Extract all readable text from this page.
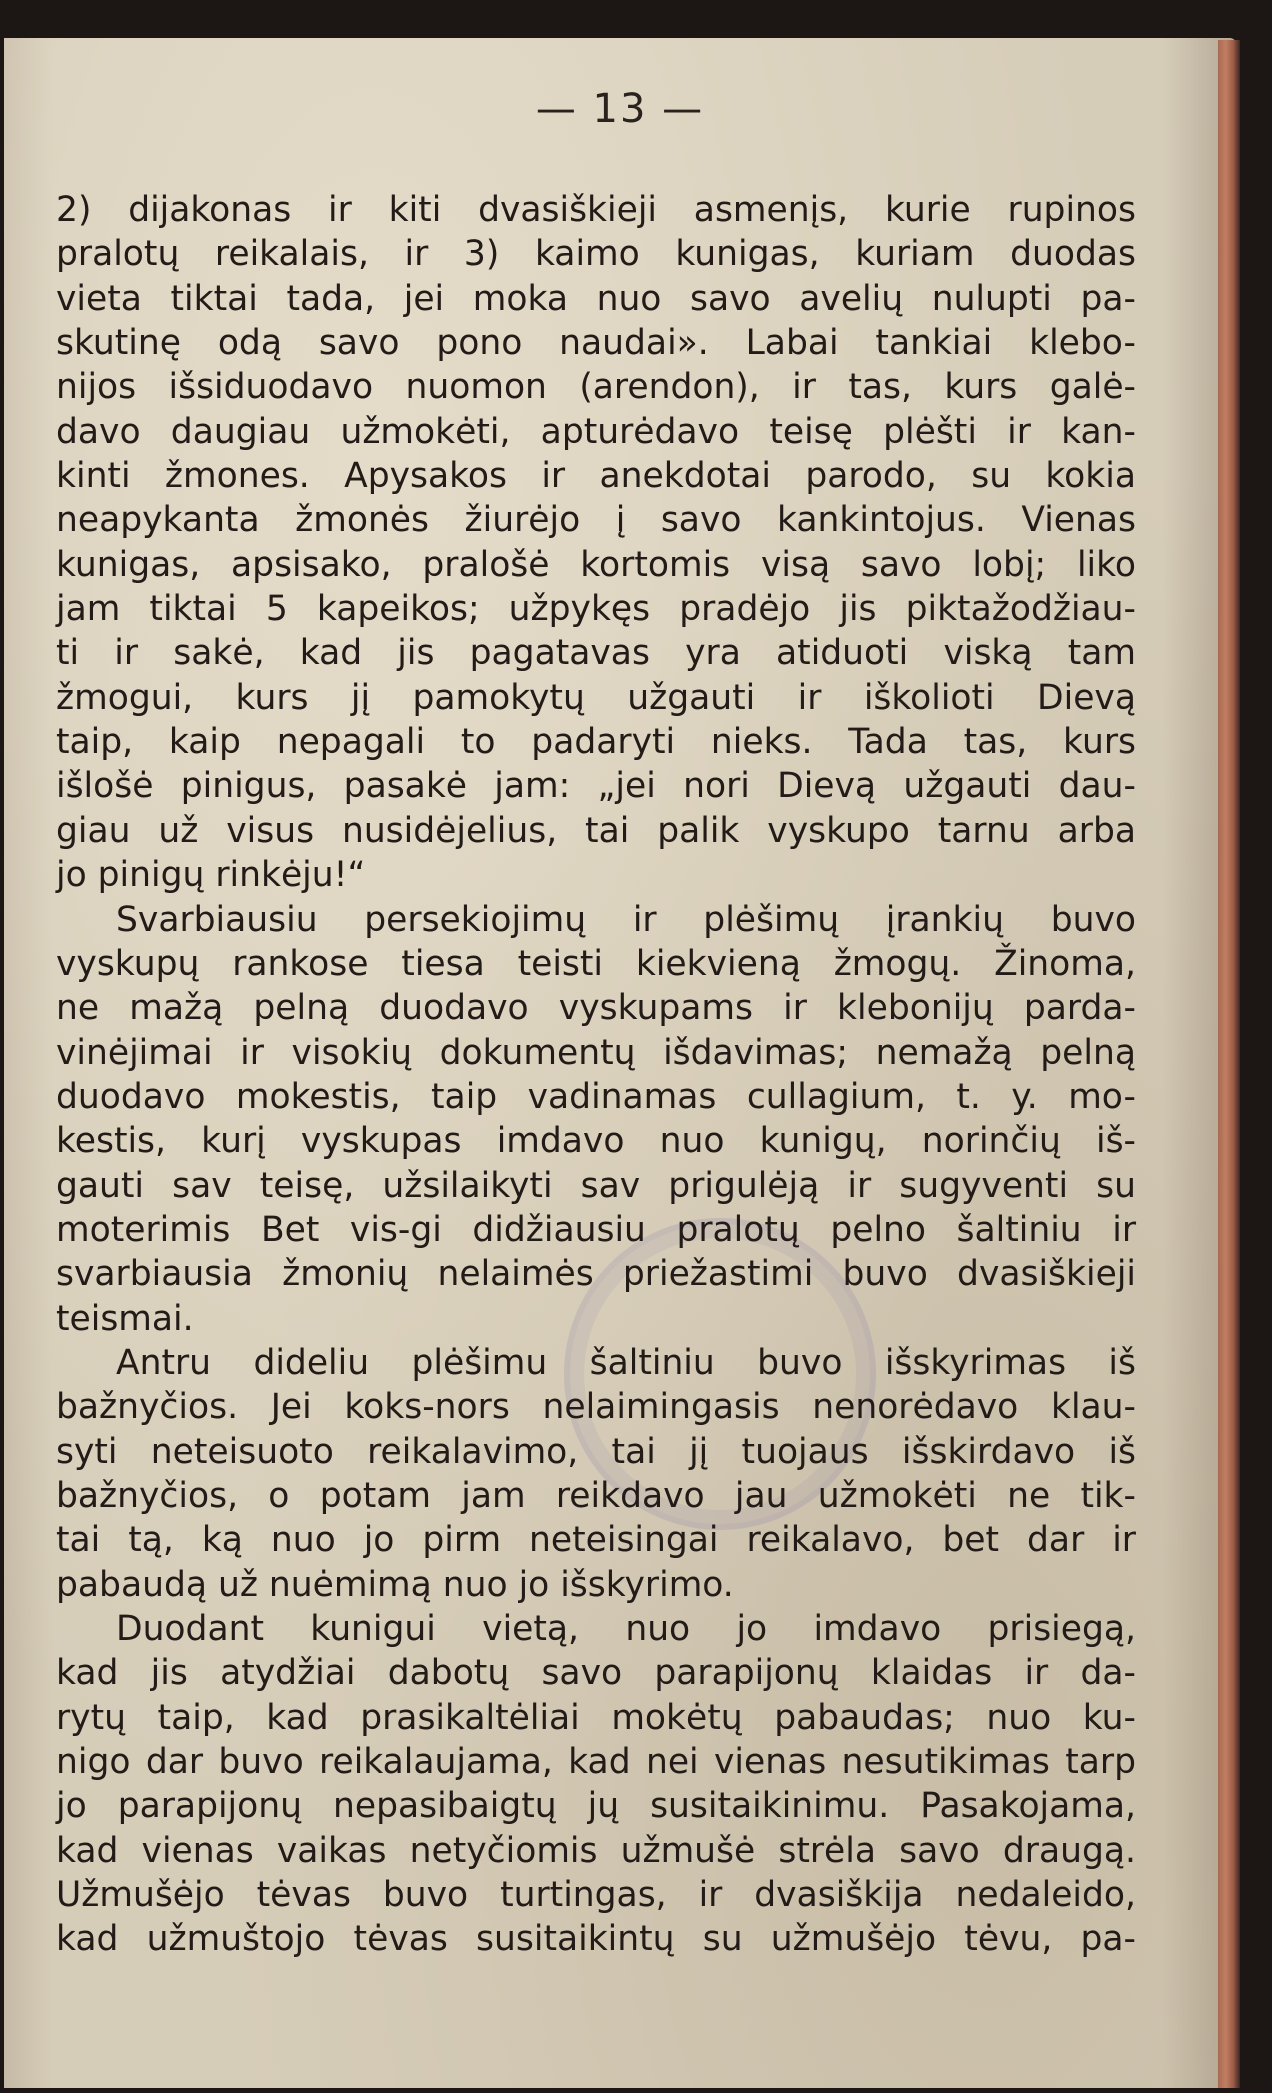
— 13 —
2) dijakonas ir kiti dvasiškieji asmenįs, kurie rupinos
pralotų reikalais, ir 3) kaimo kunigas, kuriam duodas
vieta tiktai tada, jei moka nuo savo avelių nulupti pa-
skutinę odą savo pono naudai». Labai tankiai klebo-
nijos išsiduodavo nuomon (arendon), ir tas, kurs galė-
davo daugiau užmokėti, apturėdavo teisę plėšti ir kan-
kinti žmones. Apysakos ir anekdotai parodo, su kokia
neapykanta žmonės žiurėjo į savo kankintojus. Vienas
kunigas, apsisako, pralošė kortomis visą savo lobį; liko
jam tiktai 5 kapeikos; užpykęs pradėjo jis piktažodžiau-
ti ir sakė, kad jis pagatavas yra atiduoti viską tam
žmogui, kurs jį pamokytų užgauti ir iškolioti Dievą
taip, kaip nepagali to padaryti nieks. Tada tas, kurs
išlošė pinigus, pasakė jam: „jei nori Dievą užgauti dau-
giau už visus nusidėjelius, tai palik vyskupo tarnu arba
jo pinigų rinkėju!“
Svarbiausiu persekiojimų ir plėšimų įrankių buvo
vyskupų rankose tiesa teisti kiekvieną žmogų. Žinoma,
ne mažą pelną duodavo vyskupams ir klebonijų parda-
vinėjimai ir visokių dokumentų išdavimas; nemažą pelną
duodavo mokestis, taip vadinamas cullagium, t. y. mo-
kestis, kurį vyskupas imdavo nuo kunigų, norinčių iš-
gauti sav teisę, užsilaikyti sav prigulėją ir sugyventi su
moterimis Bet vis-gi didžiausiu pralotų pelno šaltiniu ir
svarbiausia žmonių nelaimės priežastimi buvo dvasiškieji
teismai.
Antru dideliu plėšimu šaltiniu buvo išskyrimas iš
bažnyčios. Jei koks-nors nelaimingasis nenorėdavo klau-
syti neteisuoto reikalavimo, tai jį tuojaus išskirdavo iš
bažnyčios, o potam jam reikdavo jau užmokėti ne tik-
tai tą, ką nuo jo pirm neteisingai reikalavo, bet dar ir
pabaudą už nuėmimą nuo jo išskyrimo.
Duodant kunigui vietą, nuo jo imdavo prisiegą,
kad jis atydžiai dabotų savo parapijonų klaidas ir da-
rytų taip, kad prasikaltėliai mokėtų pabaudas; nuo ku-
nigo dar buvo reikalaujama, kad nei vienas nesutikimas tarp
jo parapijonų nepasibaigtų jų susitaikinimu. Pasakojama,
kad vienas vaikas netyčiomis užmušė strėla savo draugą.
Užmušėjo tėvas buvo turtingas, ir dvasiškija nedaleido,
kad užmuštojo tėvas susitaikintų su užmušėjo tėvu, pa-
